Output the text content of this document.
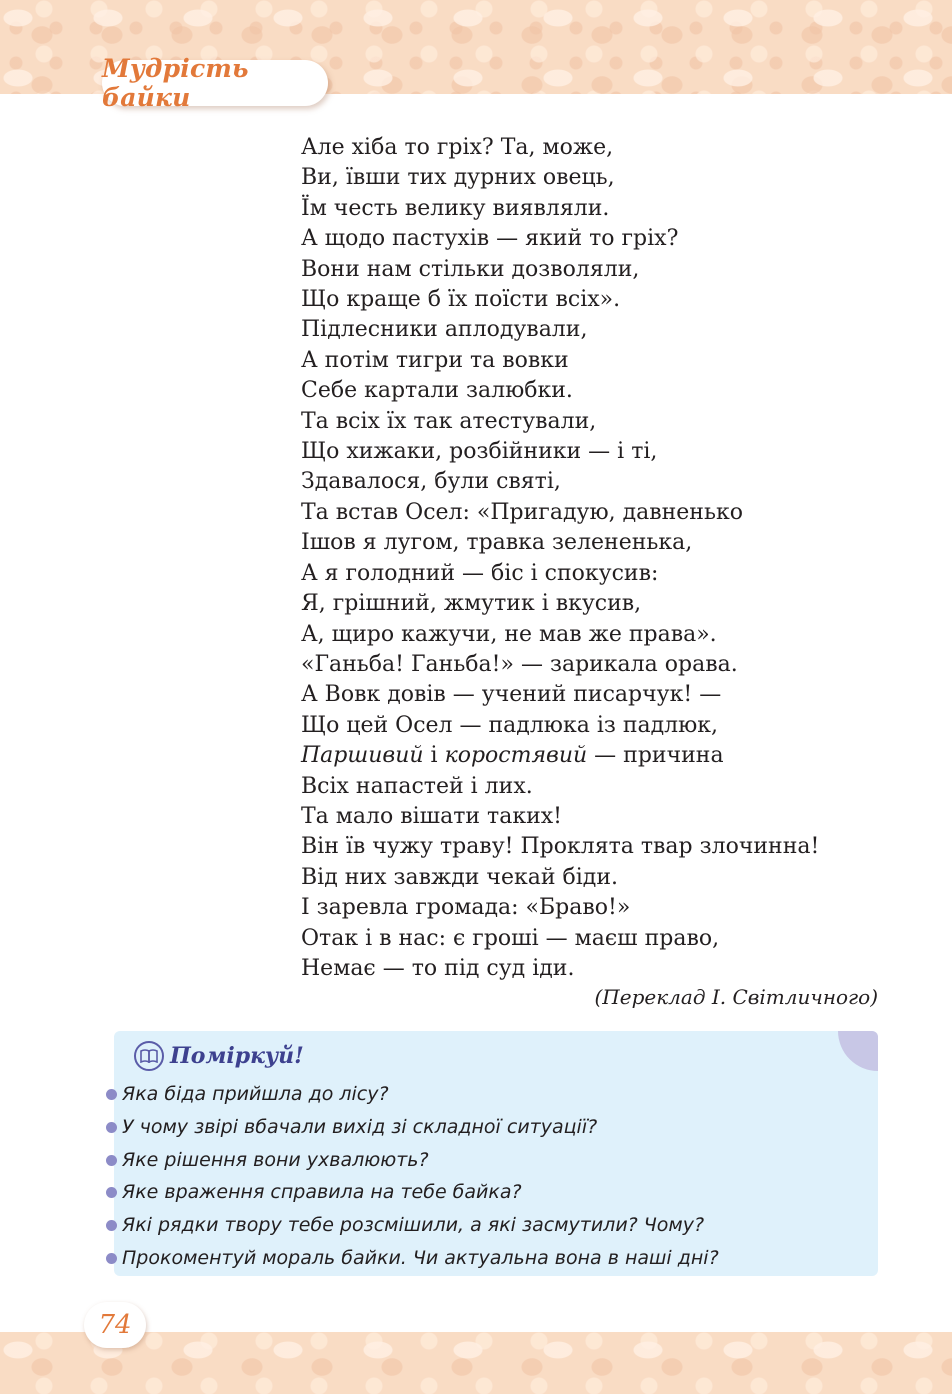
Мудрість байки
Але хіба то гріх? Та, може,
Ви, ївши тих дурних овець,
Їм честь велику виявляли.
А щодо пастухів — який то гріх?
Вони нам стільки дозволяли,
Що краще б їх поїсти всіх».
Підлесники аплодували,
А потім тигри та вовки
Себе картали залюбки.
Та всіх їх так атестували,
Що хижаки, розбійники — і ті,
Здавалося, були святі,
Та встав Осел: «Пригадую, давненько
Ішов я лугом, травка зелененька,
А я голодний — біс і спокусив:
Я, грішний, жмутик і вкусив,
А, щиро кажучи, не мав же права».
«Ганьба! Ганьба!» — зарикала орава.
А Вовк довів — учений писарчук! —
Що цей Осел — падлюка із падлюк,
Паршивий і коростявий — причина
Всіх напастей і лих.
Та мало вішати таких!
Він їв чужу траву! Проклята твар злочинна!
Від них завжди чекай біди.
І заревла громада: «Браво!»
Отак і в нас: є гроші — маєш право,
Немає — то під суд іди.
(Переклад І. Світличного)
Поміркуй!
Яка біда прийшла до лісу?
У чому звірі вбачали вихід зі складної ситуації?
Яке рішення вони ухвалюють?
Яке враження справила на тебе байка?
Які рядки твору тебе розсмішили, а які засмутили? Чому?
Прокоментуй мораль байки. Чи актуальна вона в наші дні?
74
